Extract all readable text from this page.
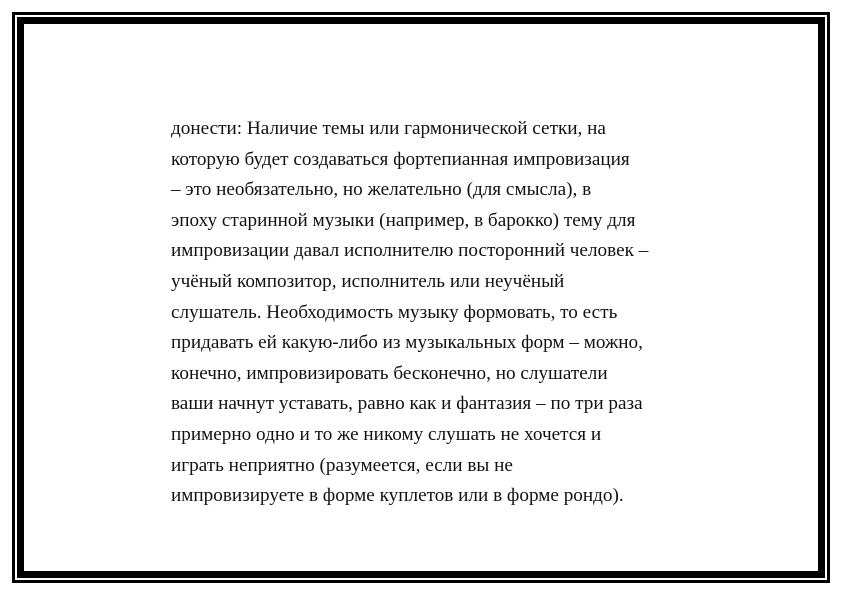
донести: Наличие темы или гармонической сетки, на
которую будет создаваться фортепианная импровизация
– это необязательно, но желательно (для смысла), в
эпоху старинной музыки (например, в барокко) тему для
импровизации давал исполнителю посторонний человек –
учёный композитор, исполнитель или неучёный
слушатель. Необходимость музыку формовать, то есть
придавать ей какую-либо из музыкальных форм – можно,
конечно, импровизировать бесконечно, но слушатели
ваши начнут уставать, равно как и фантазия – по три раза
примерно одно и то же никому слушать не хочется и
играть неприятно (разумеется, если вы не
импровизируете в форме куплетов или в форме рондо).
